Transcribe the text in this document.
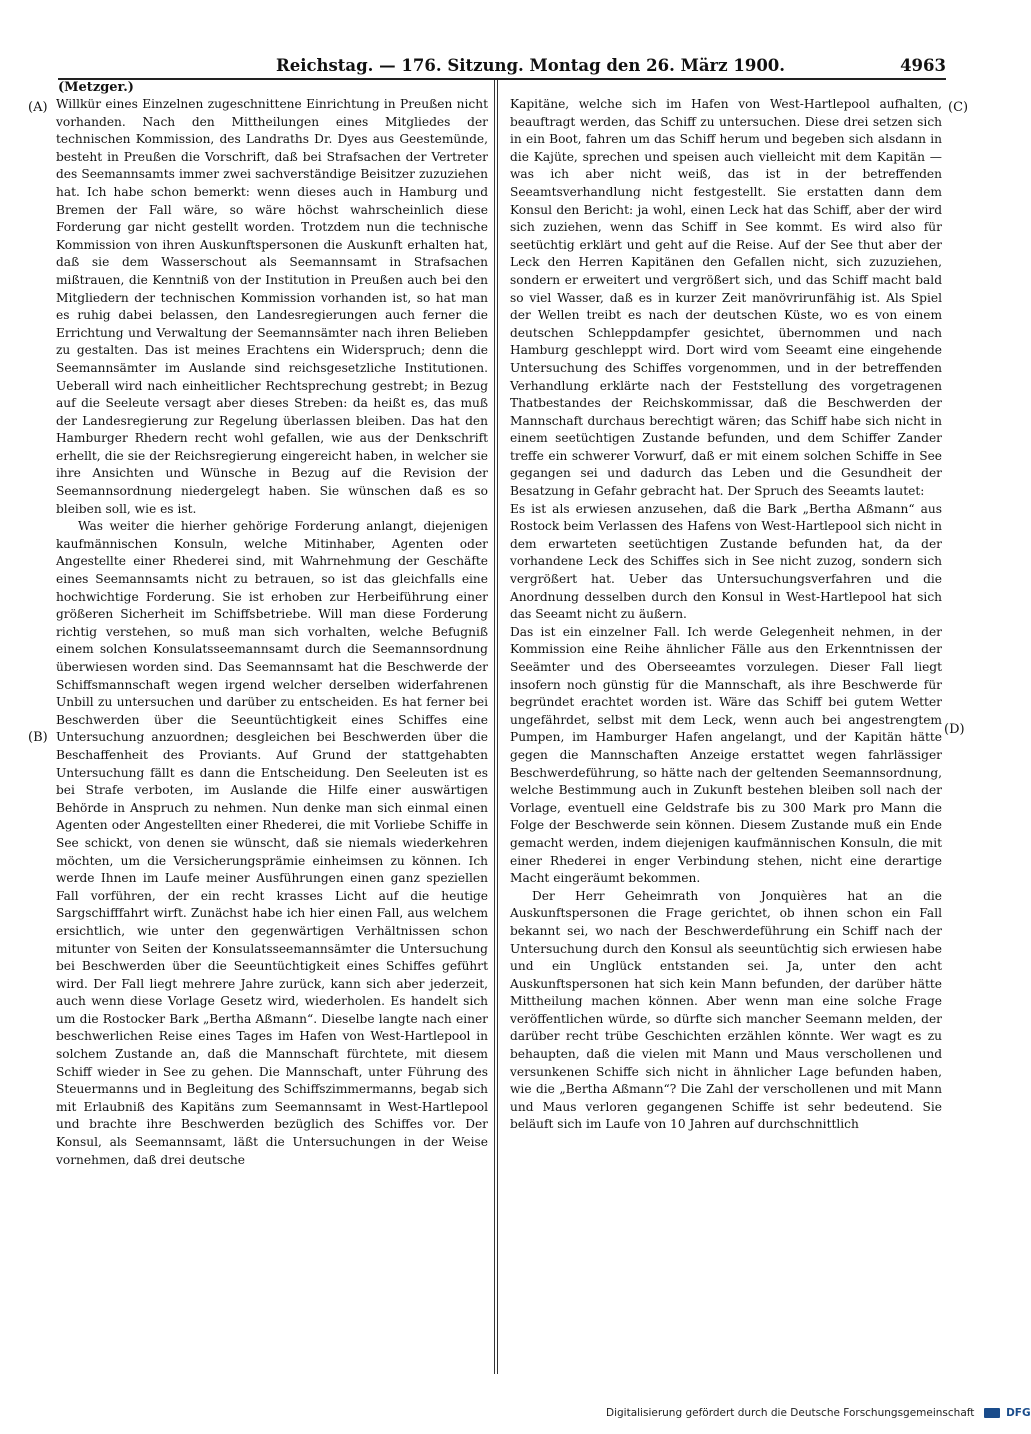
Reichstag. — 176. Sitzung. Montag den 26. März 1900.	4963
(Metzger.)
(A)
(B)
(C)
(D)

Willkür eines Einzelnen zugeschnittene Einrichtung in Preußen nicht vorhanden. Nach den Mittheilungen eines Mitgliedes der technischen Kommission, des Landraths Dr. Dyes aus Geestemünde, besteht in Preußen die Vorschrift, daß bei Strafsachen der Vertreter des Seemannsamts immer zwei sachverständige Beisitzer zuzuziehen hat. Ich habe schon bemerkt: wenn dieses auch in Hamburg und Bremen der Fall wäre, so wäre höchst wahrscheinlich diese Forderung gar nicht gestellt worden. Trotzdem nun die technische Kommission von ihren Auskunftspersonen die Auskunft erhalten hat, daß sie dem Wasserschout als Seemannsamt in Strafsachen mißtrauen, die Kenntniß von der Institution in Preußen auch bei den Mitgliedern der technischen Kommission vorhanden ist, so hat man es ruhig dabei belassen, den Landesregierungen auch ferner die Errichtung und Verwaltung der Seemannsämter nach ihren Belieben zu gestalten. Das ist meines Erachtens ein Widerspruch; denn die Seemannsämter im Auslande sind reichsgesetzliche Institutionen. Ueberall wird nach einheitlicher Rechtsprechung gestrebt; in Bezug auf die Seeleute versagt aber dieses Streben: da heißt es, das muß der Landesregierung zur Regelung überlassen bleiben. Das hat den Hamburger Rhedern recht wohl gefallen, wie aus der Denkschrift erhellt, die sie der Reichsregierung eingereicht haben, in welcher sie ihre Ansichten und Wünsche in Bezug auf die Revision der Seemannsordnung niedergelegt haben. Sie wünschen daß es so bleiben soll, wie es ist.

Was weiter die hierher gehörige Forderung anlangt, diejenigen kaufmännischen Konsuln, welche Mitinhaber, Agenten oder Angestellte einer Rhederei sind, mit Wahrnehmung der Geschäfte eines Seemannsamts nicht zu betrauen, so ist das gleichfalls eine hochwichtige Forderung. Sie ist erhoben zur Herbeiführung einer größeren Sicherheit im Schiffsbetriebe. Will man diese Forderung richtig verstehen, so muß man sich vorhalten, welche Befugniß einem solchen Konsulatsseemannsamt durch die Seemannsordnung überwiesen worden sind. Das Seemannsamt hat die Beschwerde der Schiffsmannschaft wegen irgend welcher derselben widerfahrenen Unbill zu untersuchen und darüber zu entscheiden. Es hat ferner bei Beschwerden über die Seeuntüchtigkeit eines Schiffes eine Untersuchung anzuordnen; desgleichen bei Beschwerden über die Beschaffenheit des Proviants. Auf Grund der stattgehabten Untersuchung fällt es dann die Entscheidung. Den Seeleuten ist es bei Strafe verboten, im Auslande die Hilfe einer auswärtigen Behörde in Anspruch zu nehmen. Nun denke man sich einmal einen Agenten oder Angestellten einer Rhederei, die mit Vorliebe Schiffe in See schickt, von denen sie wünscht, daß sie niemals wiederkehren möchten, um die Versicherungsprämie einheimsen zu können. Ich werde Ihnen im Laufe meiner Ausführungen einen ganz speziellen Fall vorführen, der ein recht krasses Licht auf die heutige Sargschifffahrt wirft. Zunächst habe ich hier einen Fall, aus welchem ersichtlich, wie unter den gegenwärtigen Verhältnissen schon mitunter von Seiten der Konsulatsseemannsämter die Untersuchung bei Beschwerden über die Seeuntüchtigkeit eines Schiffes geführt wird. Der Fall liegt mehrere Jahre zurück, kann sich aber jederzeit, auch wenn diese Vorlage Gesetz wird, wiederholen. Es handelt sich um die Rostocker Bark „Bertha Aßmann“. Dieselbe langte nach einer beschwerlichen Reise eines Tages im Hafen von West-Hartlepool in solchem Zustande an, daß die Mannschaft fürchtete, mit diesem Schiff wieder in See zu gehen. Die Mannschaft, unter Führung des Steuermanns und in Begleitung des Schiffszimmermanns, begab sich mit Erlaubniß des Kapitäns zum Seemannsamt in West-Hartlepool und brachte ihre Beschwerden bezüglich des Schiffes vor. Der Konsul, als Seemannsamt, läßt die Untersuchungen in der Weise vornehmen, daß drei deutsche

Kapitäne, welche sich im Hafen von West-Hartlepool aufhalten, beauftragt werden, das Schiff zu untersuchen. Diese drei setzen sich in ein Boot, fahren um das Schiff herum und begeben sich alsdann in die Kajüte, sprechen und speisen auch vielleicht mit dem Kapitän — was ich aber nicht weiß, das ist in der betreffenden Seeamtsverhandlung nicht festgestellt. Sie erstatten dann dem Konsul den Bericht: ja wohl, einen Leck hat das Schiff, aber der wird sich zuziehen, wenn das Schiff in See kommt. Es wird also für seetüchtig erklärt und geht auf die Reise. Auf der See thut aber der Leck den Herren Kapitänen den Gefallen nicht, sich zuzuziehen, sondern er erweitert und vergrößert sich, und das Schiff macht bald so viel Wasser, daß es in kurzer Zeit manövrirunfähig ist. Als Spiel der Wellen treibt es nach der deutschen Küste, wo es von einem deutschen Schleppdampfer gesichtet, übernommen und nach Hamburg geschleppt wird. Dort wird vom Seeamt eine eingehende Untersuchung des Schiffes vorgenommen, und in der betreffenden Verhandlung erklärte nach der Feststellung des vorgetragenen Thatbestandes der Reichskommissar, daß die Beschwerden der Mannschaft durchaus berechtigt wären; das Schiff habe sich nicht in einem seetüchtigen Zustande befunden, und dem Schiffer Zander treffe ein schwerer Vorwurf, daß er mit einem solchen Schiffe in See gegangen sei und dadurch das Leben und die Gesundheit der Besatzung in Gefahr gebracht hat. Der Spruch des Seeamts lautet:

Es ist als erwiesen anzusehen, daß die Bark „Bertha Aßmann“ aus Rostock beim Verlassen des Hafens von West-Hartlepool sich nicht in dem erwarteten seetüchtigen Zustande befunden hat, da der vorhandene Leck des Schiffes sich in See nicht zuzog, sondern sich vergrößert hat. Ueber das Untersuchungsverfahren und die Anordnung desselben durch den Konsul in West-Hartlepool hat sich das Seeamt nicht zu äußern.

Das ist ein einzelner Fall. Ich werde Gelegenheit nehmen, in der Kommission eine Reihe ähnlicher Fälle aus den Erkenntnissen der Seeämter und des Oberseeamtes vorzulegen. Dieser Fall liegt insofern noch günstig für die Mannschaft, als ihre Beschwerde für begründet erachtet worden ist. Wäre das Schiff bei gutem Wetter ungefährdet, selbst mit dem Leck, wenn auch bei angestrengtem Pumpen, im Hamburger Hafen angelangt, und der Kapitän hätte gegen die Mannschaften Anzeige erstattet wegen fahrlässiger Beschwerdeführung, so hätte nach der geltenden Seemannsordnung, welche Bestimmung auch in Zukunft bestehen bleiben soll nach der Vorlage, eventuell eine Geldstrafe bis zu 300 Mark pro Mann die Folge der Beschwerde sein können. Diesem Zustande muß ein Ende gemacht werden, indem diejenigen kaufmännischen Konsuln, die mit einer Rhederei in enger Verbindung stehen, nicht eine derartige Macht eingeräumt bekommen.

Der Herr Geheimrath von Jonquières hat an die Auskunftspersonen die Frage gerichtet, ob ihnen schon ein Fall bekannt sei, wo nach der Beschwerdeführung ein Schiff nach der Untersuchung durch den Konsul als seeuntüchtig sich erwiesen habe und ein Unglück entstanden sei. Ja, unter den acht Auskunftspersonen hat sich kein Mann befunden, der darüber hätte Mittheilung machen können. Aber wenn man eine solche Frage veröffentlichen würde, so dürfte sich mancher Seemann melden, der darüber recht trübe Geschichten erzählen könnte. Wer wagt es zu behaupten, daß die vielen mit Mann und Maus verschollenen und versunkenen Schiffe sich nicht in ähnlicher Lage befunden haben, wie die „Bertha Aßmann“? Die Zahl der verschollenen und mit Mann und Maus verloren gegangenen Schiffe ist sehr bedeutend. Sie beläuft sich im Laufe von 10 Jahren auf durchschnittlich

Digitalisierung gefördert durch die Deutsche Forschungsgemeinschaft	DFG
